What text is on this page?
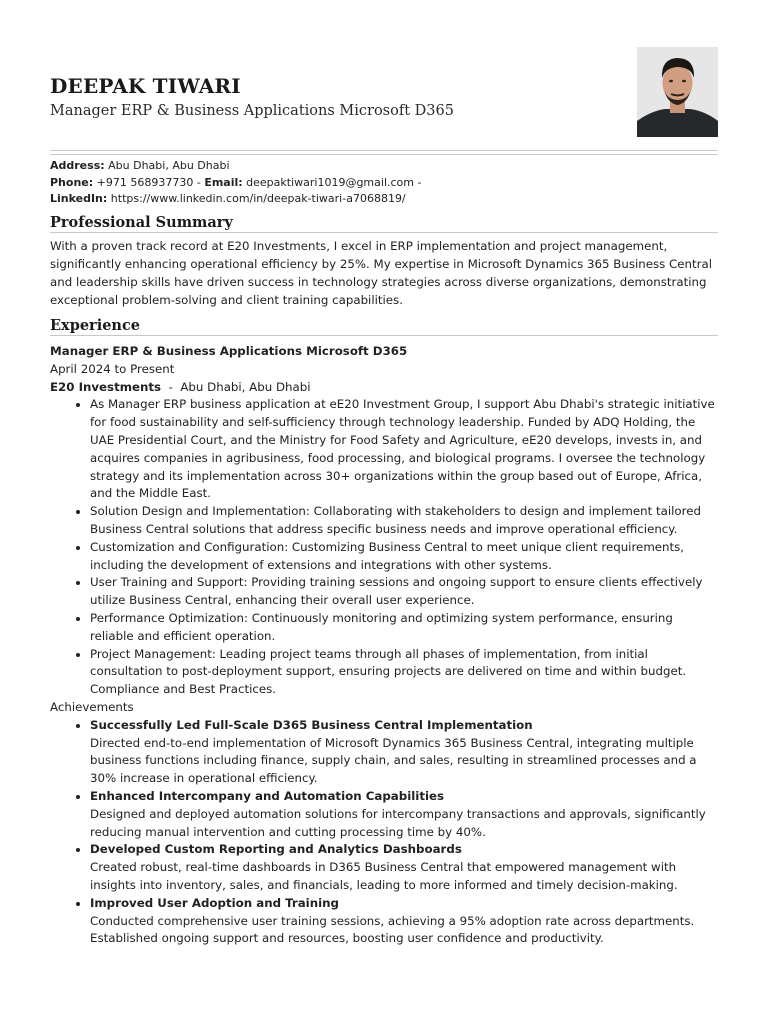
DEEPAK TIWARI
Manager ERP & Business Applications Microsoft D365
Address: Abu Dhabi, Abu Dhabi
Phone: +971 568937730 - Email: deepaktiwari1019@gmail.com -
LinkedIn: https://www.linkedin.com/in/deepak-tiwari-a7068819/
Professional Summary

With a proven track record at E20 Investments, I excel in ERP implementation and project management, significantly enhancing operational efficiency by 25%. My expertise in Microsoft Dynamics 365 Business Central and leadership skills have driven success in technology strategies across diverse organizations, demonstrating exceptional problem-solving and client training capabilities.

Experience

Manager ERP & Business Applications Microsoft D365

April 2024 to Present

E20 Investments  -  Abu Dhabi, Abu Dhabi

• As Manager ERP business application at eE20 Investment Group, I support Abu Dhabi's strategic initiative for food sustainability and self-sufficiency through technology leadership. Funded by ADQ Holding, the UAE Presidential Court, and the Ministry for Food Safety and Agriculture, eE20 develops, invests in, and acquires companies in agribusiness, food processing, and biological programs. I oversee the technology strategy and its implementation across 30+ organizations within the group based out of Europe, Africa, and the Middle East.
• Solution Design and Implementation: Collaborating with stakeholders to design and implement tailored Business Central solutions that address specific business needs and improve operational efficiency.
• Customization and Configuration: Customizing Business Central to meet unique client requirements, including the development of extensions and integrations with other systems.
• User Training and Support: Providing training sessions and ongoing support to ensure clients effectively utilize Business Central, enhancing their overall user experience.
• Performance Optimization: Continuously monitoring and optimizing system performance, ensuring reliable and efficient operation.
• Project Management: Leading project teams through all phases of implementation, from initial consultation to post-deployment support, ensuring projects are delivered on time and within budget.

Compliance and Best Practices.

Achievements

• Successfully Led Full-Scale D365 Business Central Implementation
Directed end-to-end implementation of Microsoft Dynamics 365 Business Central, integrating multiple business functions including finance, supply chain, and sales, resulting in streamlined processes and a 30% increase in operational efficiency.
• Enhanced Intercompany and Automation Capabilities
Designed and deployed automation solutions for intercompany transactions and approvals, significantly reducing manual intervention and cutting processing time by 40%.
• Developed Custom Reporting and Analytics Dashboards
Created robust, real-time dashboards in D365 Business Central that empowered management with insights into inventory, sales, and financials, leading to more informed and timely decision-making.
• Improved User Adoption and Training
Conducted comprehensive user training sessions, achieving a 95% adoption rate across departments. Established ongoing support and resources, boosting user confidence and productivity.
